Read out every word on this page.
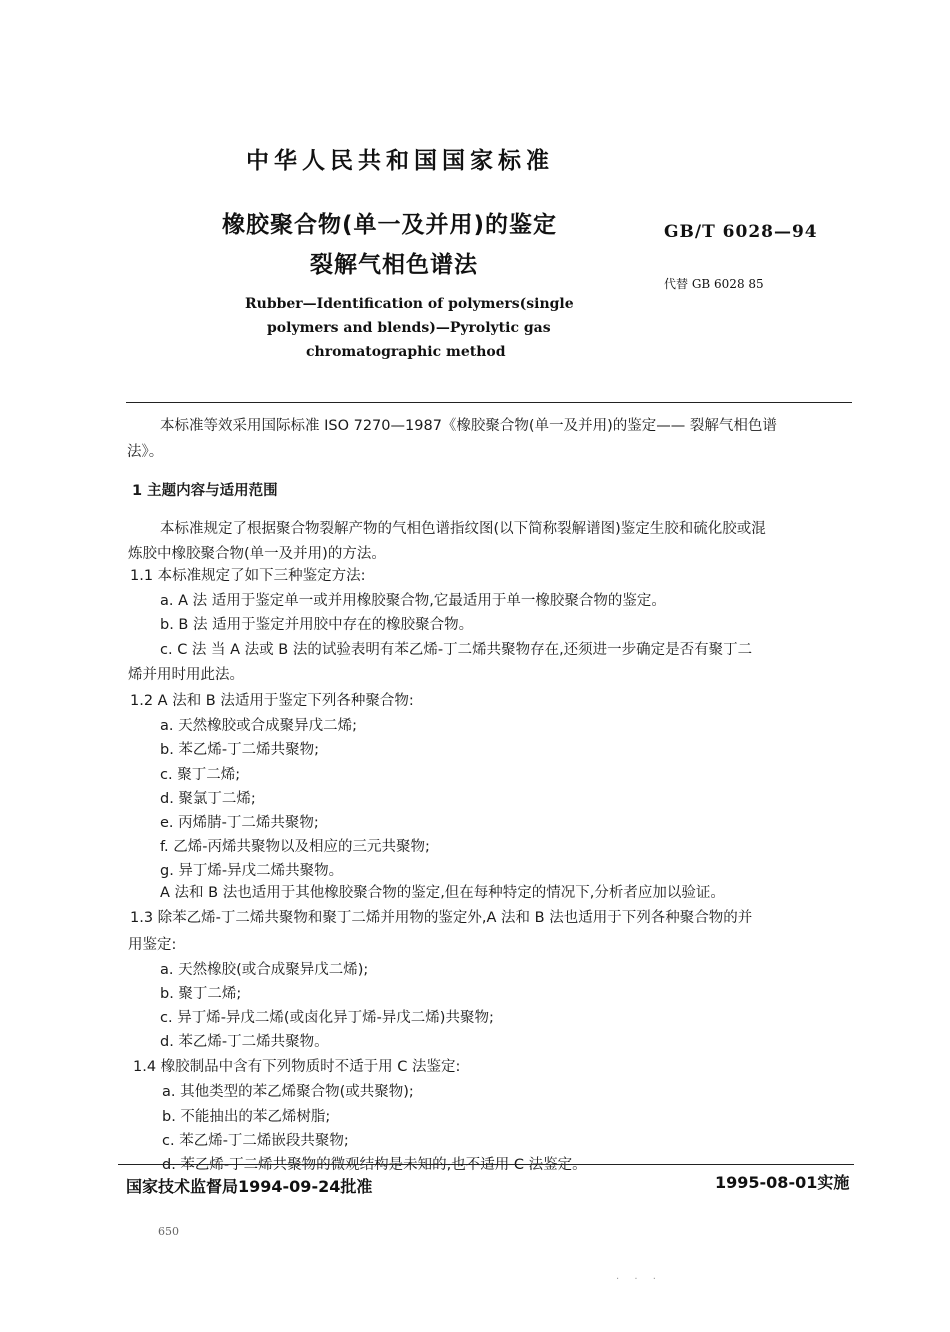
中华人民共和国国家标准
橡胶聚合物(单一及并用)的鉴定
裂解气相色谱法
GB/T 6028—94
代替 GB 6028 85
Rubber—Identification of polymers(single
polymers and blends)—Pyrolytic gas
chromatographic method
本标准等效采用国际标准 ISO 7270—1987《橡胶聚合物(单一及并用)的鉴定—— 裂解气相色谱
法》。
1 主题内容与适用范围
本标准规定了根据聚合物裂解产物的气相色谱指纹图(以下简称裂解谱图)鉴定生胶和硫化胶或混
炼胶中橡胶聚合物(单一及并用)的方法。
1.1 本标准规定了如下三种鉴定方法:
a. A 法 适用于鉴定单一或并用橡胶聚合物,它最适用于单一橡胶聚合物的鉴定。
b. B 法 适用于鉴定并用胶中存在的橡胶聚合物。
c. C 法 当 A 法或 B 法的试验表明有苯乙烯-丁二烯共聚物存在,还须进一步确定是否有聚丁二
烯并用时用此法。
1.2 A 法和 B 法适用于鉴定下列各种聚合物:
a. 天然橡胶或合成聚异戊二烯;
b. 苯乙烯-丁二烯共聚物;
c. 聚丁二烯;
d. 聚氯丁二烯;
e. 丙烯腈-丁二烯共聚物;
f. 乙烯-丙烯共聚物以及相应的三元共聚物;
g. 异丁烯-异戊二烯共聚物。
A 法和 B 法也适用于其他橡胶聚合物的鉴定,但在每种特定的情况下,分析者应加以验证。
1.3 除苯乙烯-丁二烯共聚物和聚丁二烯并用物的鉴定外,A 法和 B 法也适用于下列各种聚合物的并
用鉴定:
a. 天然橡胶(或合成聚异戊二烯);
b. 聚丁二烯;
c. 异丁烯-异戊二烯(或卤化异丁烯-异戊二烯)共聚物;
d. 苯乙烯-丁二烯共聚物。
1.4 橡胶制品中含有下列物质时不适于用 C 法鉴定:
a. 其他类型的苯乙烯聚合物(或共聚物);
b. 不能抽出的苯乙烯树脂;
c. 苯乙烯-丁二烯嵌段共聚物;
d. 苯乙烯-丁二烯共聚物的微观结构是未知的,也不适用 C 法鉴定。
国家技术监督局1994-09-24批准	1995-08-01实施
650
· · ·
